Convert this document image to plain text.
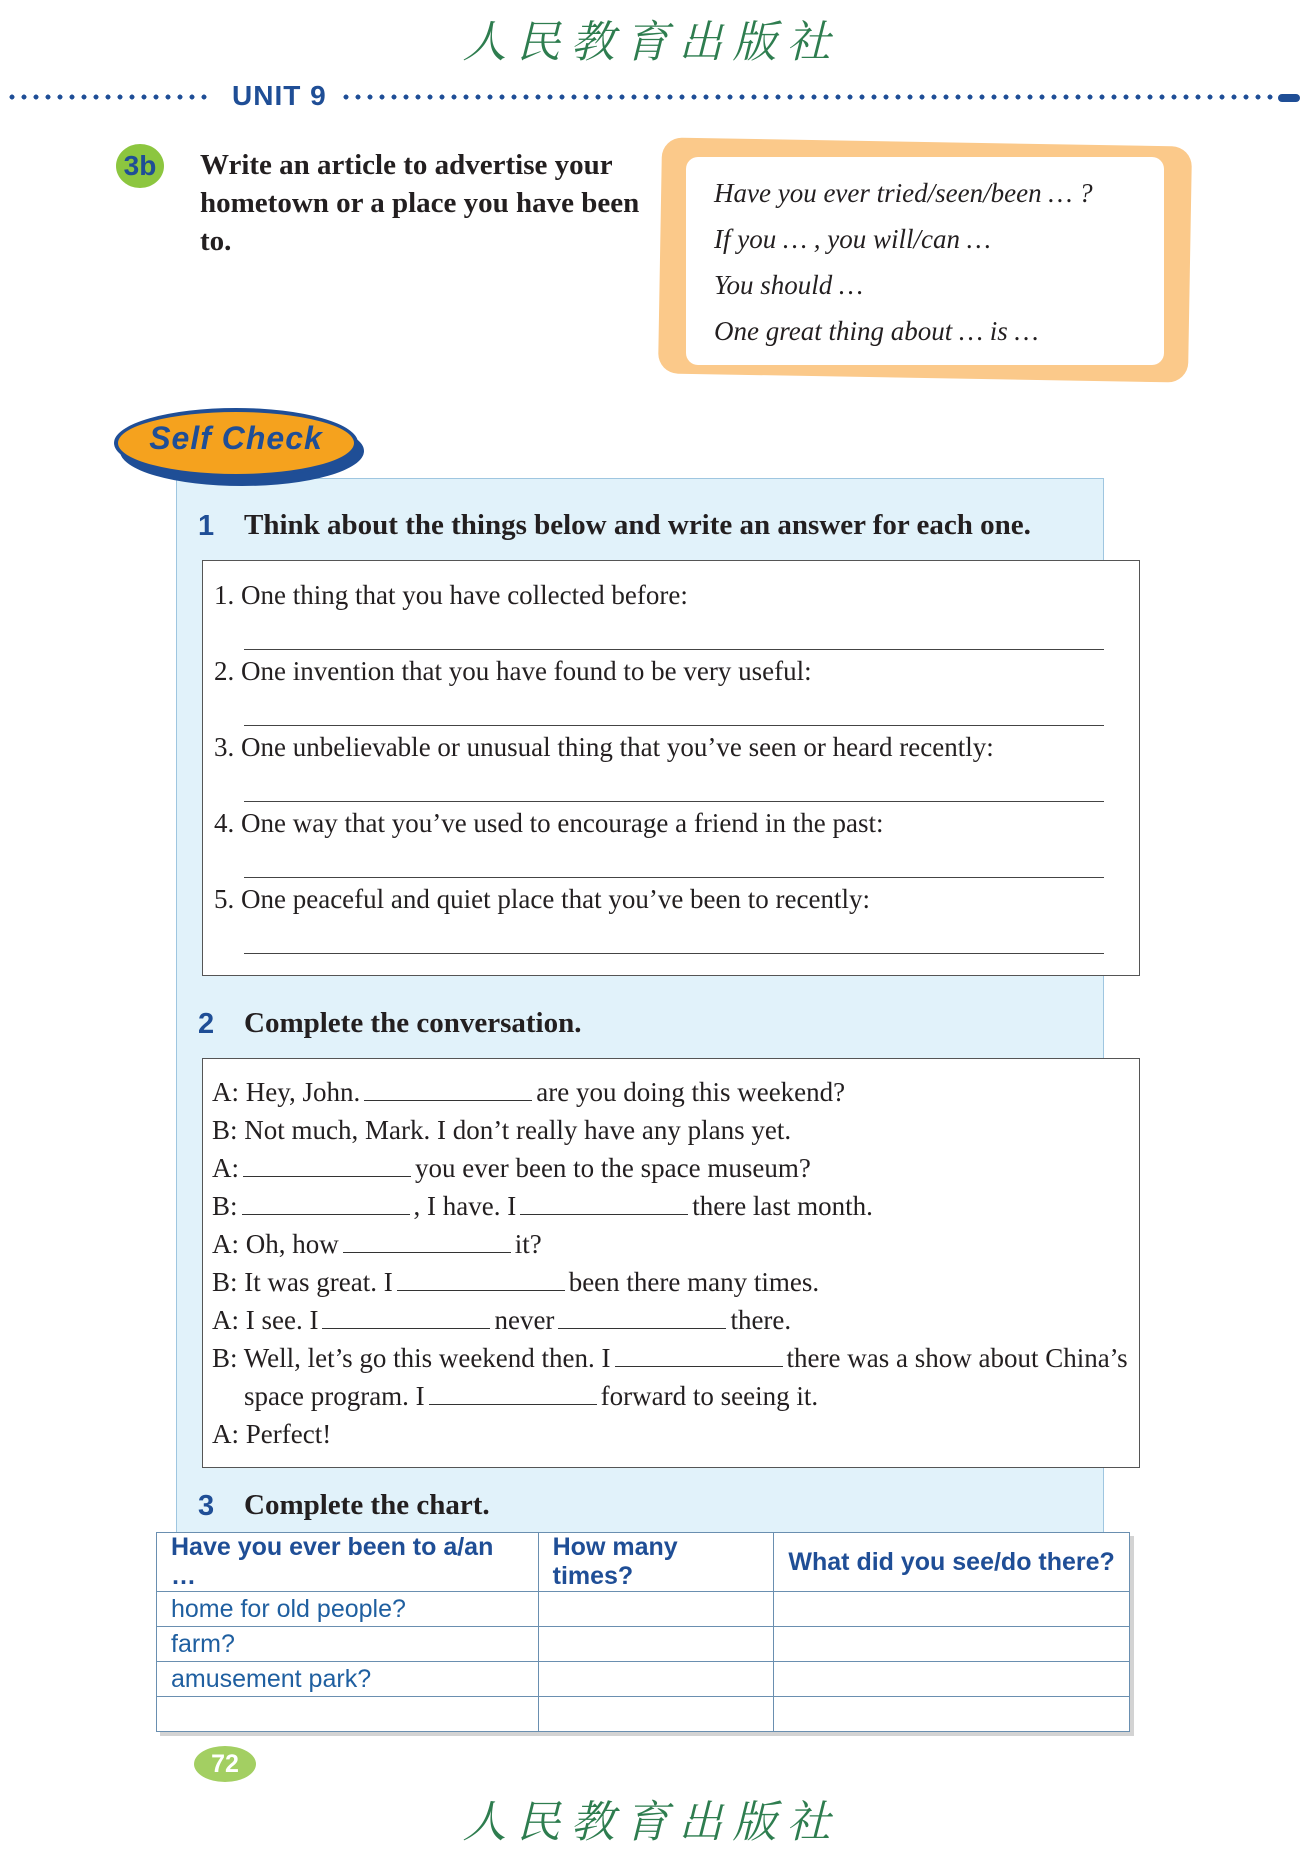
人民教育出版社
UNIT 9
3b Write an article to advertise your hometown or a place you have been to.
Have you ever tried/seen/been … ?
If you … , you will/can …
You should …
One great thing about … is …
Self Check
1 Think about the things below and write an answer for each one.
1. One thing that you have collected before:
2. One invention that you have found to be very useful:
3. One unbelievable or unusual thing that you’ve seen or heard recently:
4. One way that you’ve used to encourage a friend in the past:
5. One peaceful and quiet place that you’ve been to recently:
2 Complete the conversation.
A: Hey, John.	are you doing this weekend?
B: Not much, Mark. I don’t really have any plans yet.
A:	you ever been to the space museum?
B:	, I have. I	there last month.
A: Oh, how	it?
B: It was great. I	been there many times.
A: I see. I	never	there.
B: Well, let’s go this weekend then. I	there was a show about China’s
space program. I	forward to seeing it.
A: Perfect!
3 Complete the chart.
Have you ever been to a/an …	How many times?	What did you see/do there?
home for old people?		
farm?		
amusement park?		

72
人民教育出版社
